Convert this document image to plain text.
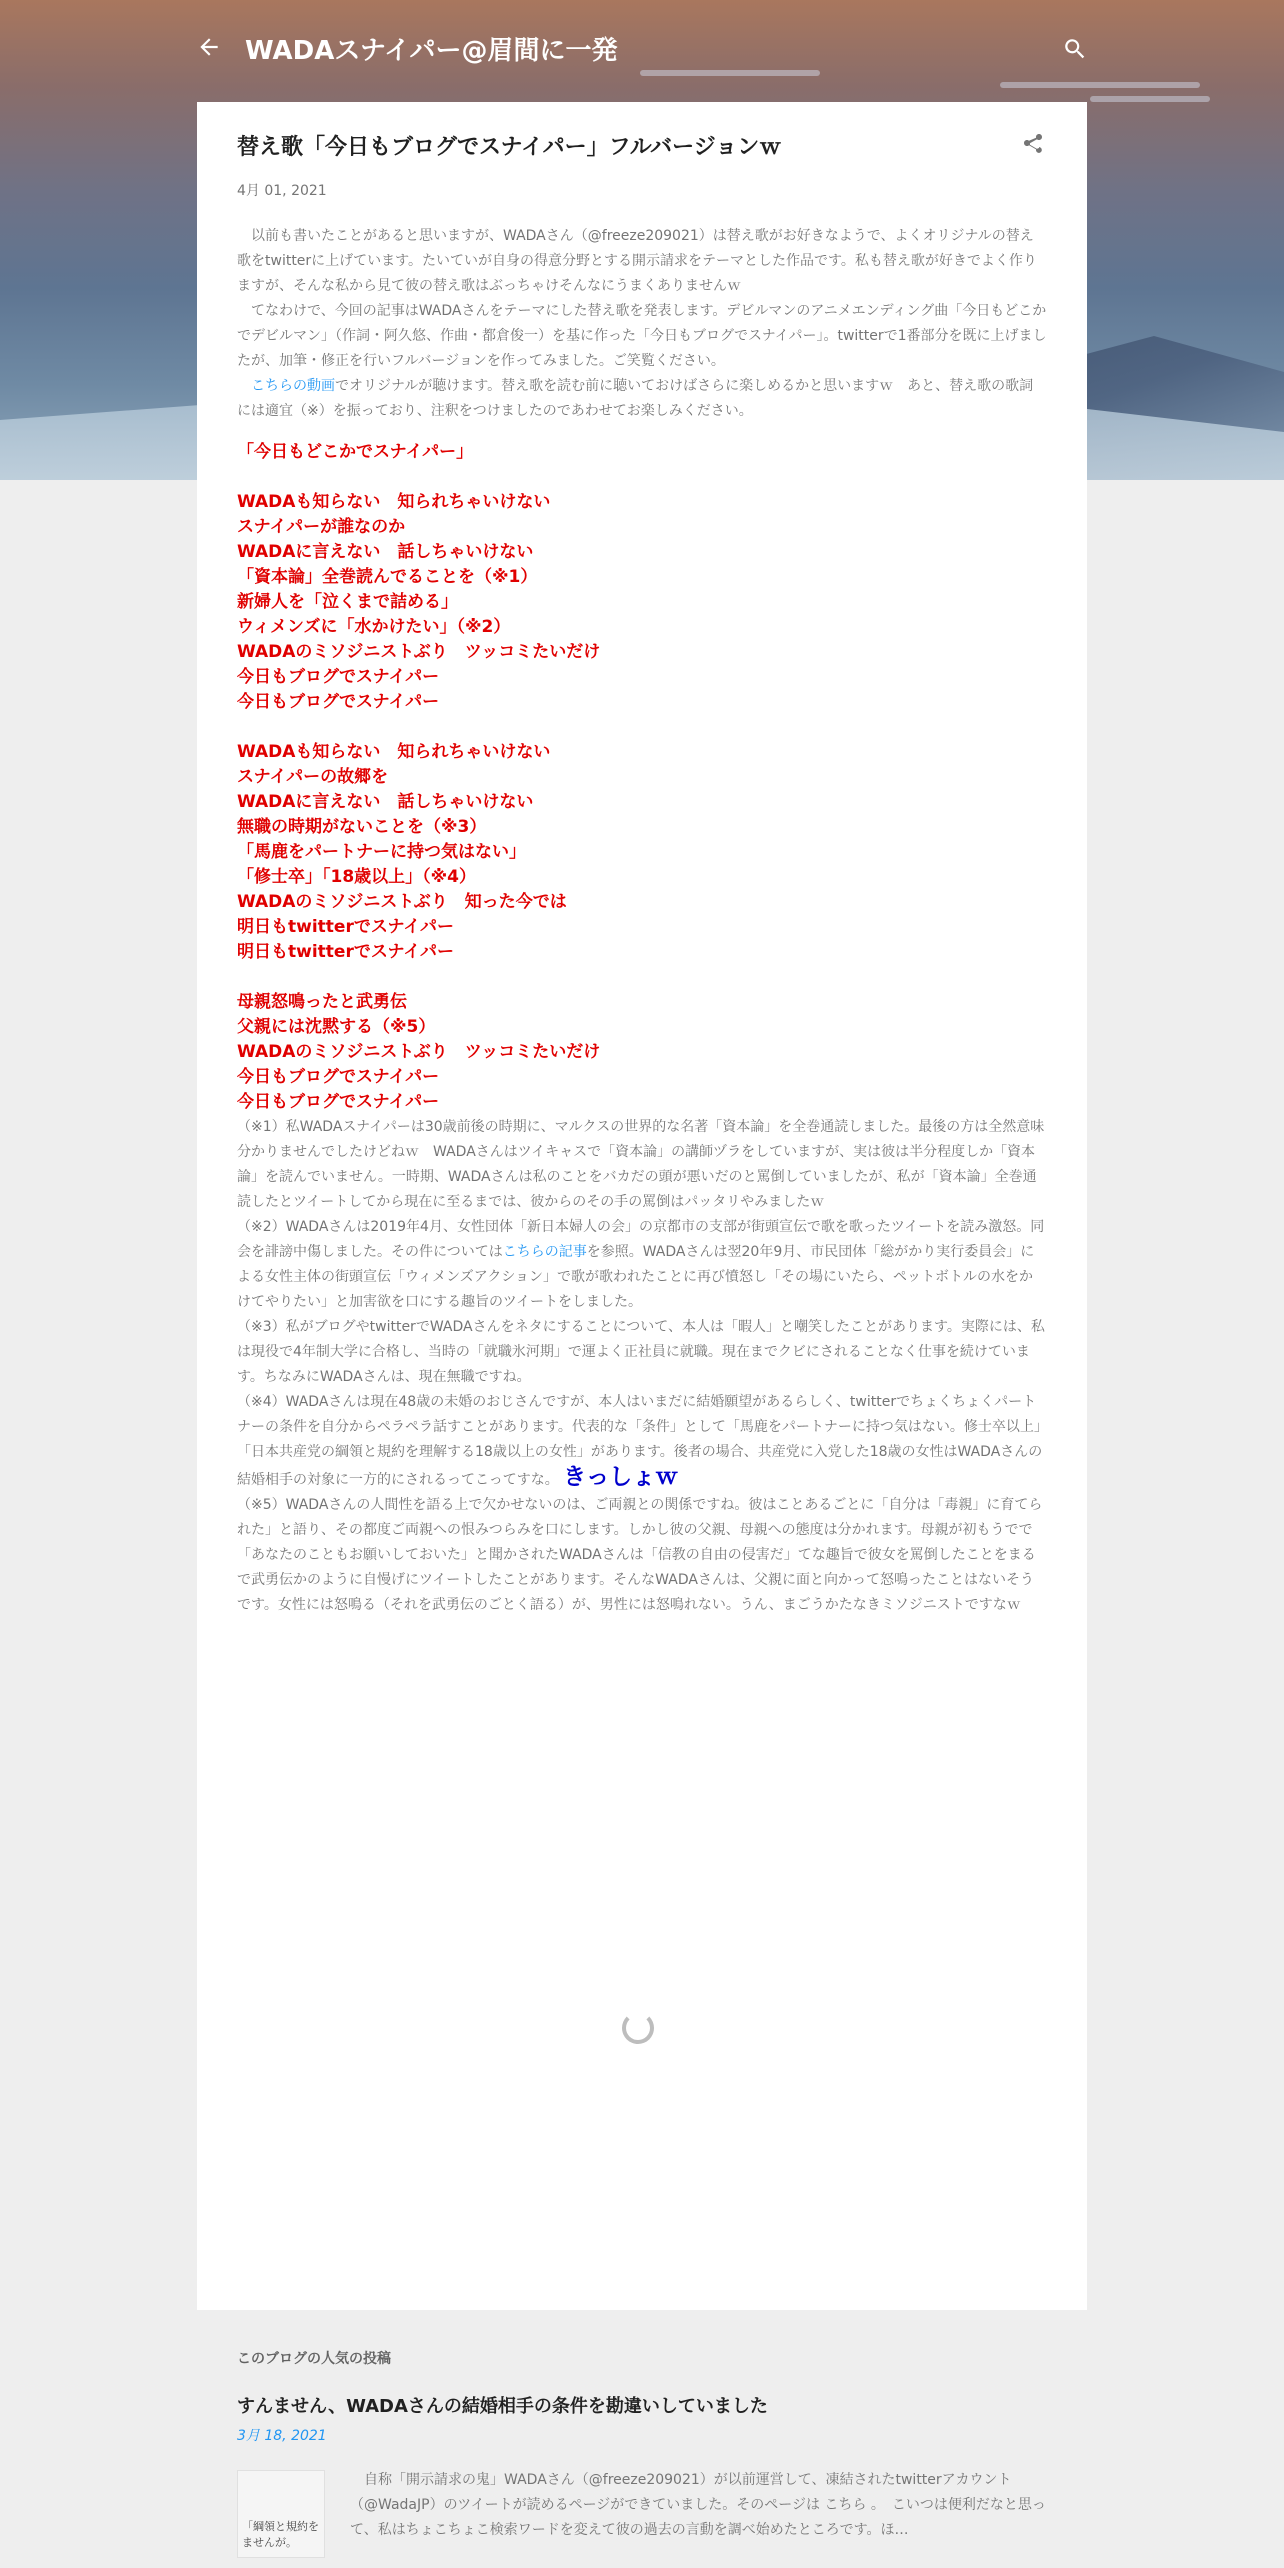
WADAスナイパー@眉間に一発
替え歌「今日もブログでスナイパー」フルバージョンｗ
4月 01, 2021

　以前も書いたことがあると思いますが、WADAさん（@freeze209021）は替え歌がお好きなようで、よくオリジナルの替え歌をtwitterに上げています。たいていが自身の得意分野とする開示請求をテーマとした作品です。私も替え歌が好きでよく作りますが、そんな私から見て彼の替え歌はぶっちゃけそんなにうまくありませんｗ

　てなわけで、今回の記事はWADAさんをテーマにした替え歌を発表します。デビルマンのアニメエンディング曲「今日もどこかでデビルマン」（作詞・阿久悠、作曲・都倉俊一）を基に作った「今日もブログでスナイパー」。twitterで1番部分を既に上げましたが、加筆・修正を行いフルバージョンを作ってみました。ご笑覧ください。

　こちらの動画でオリジナルが聴けます。替え歌を読む前に聴いておけばさらに楽しめるかと思いますｗ　あと、替え歌の歌詞には適宜（※）を振っており、注釈をつけましたのであわせてお楽しみください。

「今日もどこかでスナイパー」
WADAも知らない　知られちゃいけない
スナイパーが誰なのか
WADAに言えない　話しちゃいけない
「資本論」全巻読んでることを（※1）
新婦人を「泣くまで詰める」
ウィメンズに「水かけたい」（※2）
WADAのミソジニストぶり　ツッコミたいだけ
今日もブログでスナイパー
今日もブログでスナイパー
WADAも知らない　知られちゃいけない
スナイパーの故郷を
WADAに言えない　話しちゃいけない
無職の時期がないことを（※3）
「馬鹿をパートナーに持つ気はない」
「修士卒」「18歳以上」（※4）
WADAのミソジニストぶり　知った今では
明日もtwitterでスナイパー
明日もtwitterでスナイパー
母親怒鳴ったと武勇伝
父親には沈黙する（※5）
WADAのミソジニストぶり　ツッコミたいだけ
今日もブログでスナイパー
今日もブログでスナイパー

（※1）私WADAスナイパーは30歳前後の時期に、マルクスの世界的な名著「資本論」を全巻通読しました。最後の方は全然意味分かりませんでしたけどねｗ　WADAさんはツイキャスで「資本論」の講師ヅラをしていますが、実は彼は半分程度しか「資本論」を読んでいません。一時期、WADAさんは私のことをバカだの頭が悪いだのと罵倒していましたが、私が「資本論」全巻通読したとツイートしてから現在に至るまでは、彼からのその手の罵倒はパッタリやみましたｗ

（※2）WADAさんは2019年4月、女性団体「新日本婦人の会」の京都市の支部が街頭宣伝で歌を歌ったツイートを読み激怒。同会を誹謗中傷しました。その件についてはこちらの記事を参照。WADAさんは翌20年9月、市民団体「総がかり実行委員会」による女性主体の街頭宣伝「ウィメンズアクション」で歌が歌われたことに再び憤怒し「その場にいたら、ペットボトルの水をかけてやりたい」と加害欲を口にする趣旨のツイートをしました。

（※3）私がブログやtwitterでWADAさんをネタにすることについて、本人は「暇人」と嘲笑したことがあります。実際には、私は現役で4年制大学に合格し、当時の「就職氷河期」で運よく正社員に就職。現在までクビにされることなく仕事を続けています。ちなみにWADAさんは、現在無職ですね。

（※4）WADAさんは現在48歳の未婚のおじさんですが、本人はいまだに結婚願望があるらしく、twitterでちょくちょくパートナーの条件を自分からペラペラ話すことがあります。代表的な「条件」として「馬鹿をパートナーに持つ気はない。修士卒以上」「日本共産党の綱領と規約を理解する18歳以上の女性」があります。後者の場合、共産党に入党した18歳の女性はWADAさんの結婚相手の対象に一方的にされるってこってすな。 きっしょｗ

（※5）WADAさんの人間性を語る上で欠かせないのは、ご両親との関係ですね。彼はことあるごとに「自分は「毒親」に育てられた」と語り、その都度ご両親への恨みつらみを口にします。しかし彼の父親、母親への態度は分かれます。母親が初もうでで「あなたのこともお願いしておいた」と聞かされたWADAさんは「信教の自由の侵害だ」てな趣旨で彼女を罵倒したことをまるで武勇伝かのように自慢げにツイートしたことがあります。そんなWADAさんは、父親に面と向かって怒鳴ったことはないそうです。女性には怒鳴る（それを武勇伝のごとく語る）が、男性には怒鳴れない。うん、まごうかたなきミソジニストですなｗ

このブログの人気の投稿
すんません、WADAさんの結婚相手の条件を勘違いしていました
3月 18, 2021
「綱領と規約を
ませんが。
　自称「開示請求の鬼」WADAさん（@freeze209021）が以前運営して、凍結されたtwitterアカウント（@WadaJP）のツイートが読めるページができていました。そのページは こちら 。　こいつは便利だなと思って、私はちょこちょこ検索ワードを変えて彼の過去の言動を調べ始めたところです。ほ…
